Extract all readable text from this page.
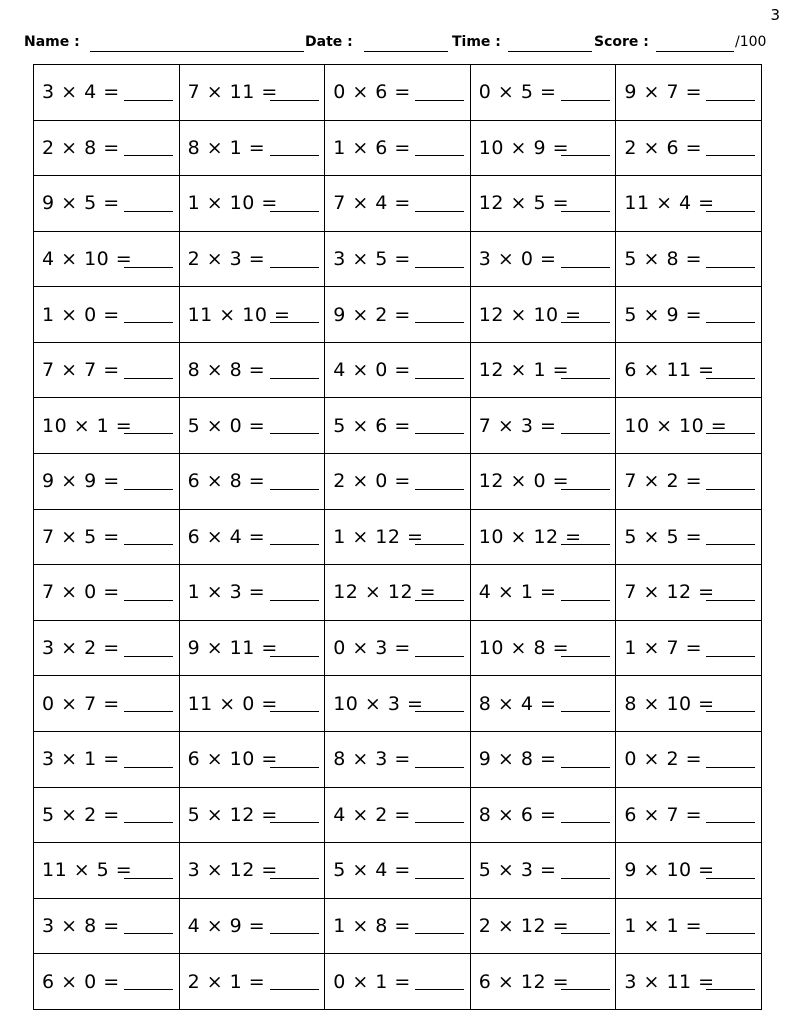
3
Name :	Date :	Time :	Score :	/100
3 × 4 =	7 × 11 =	0 × 6 =	0 × 5 =	9 × 7 =

2 × 8 =	8 × 1 =	1 × 6 =	10 × 9 =	2 × 6 =

9 × 5 =	1 × 10 =	7 × 4 =	12 × 5 =	11 × 4 =

4 × 10 =	2 × 3 =	3 × 5 =	3 × 0 =	5 × 8 =

1 × 0 =	11 × 10 =	9 × 2 =	12 × 10 =	5 × 9 =

7 × 7 =	8 × 8 =	4 × 0 =	12 × 1 =	6 × 11 =

10 × 1 =	5 × 0 =	5 × 6 =	7 × 3 =	10 × 10 =

9 × 9 =	6 × 8 =	2 × 0 =	12 × 0 =	7 × 2 =

7 × 5 =	6 × 4 =	1 × 12 =	10 × 12 =	5 × 5 =

7 × 0 =	1 × 3 =	12 × 12 =	4 × 1 =	7 × 12 =

3 × 2 =	9 × 11 =	0 × 3 =	10 × 8 =	1 × 7 =

0 × 7 =	11 × 0 =	10 × 3 =	8 × 4 =	8 × 10 =

3 × 1 =	6 × 10 =	8 × 3 =	9 × 8 =	0 × 2 =

5 × 2 =	5 × 12 =	4 × 2 =	8 × 6 =	6 × 7 =

11 × 5 =	3 × 12 =	5 × 4 =	5 × 3 =	9 × 10 =

3 × 8 =	4 × 9 =	1 × 8 =	2 × 12 =	1 × 1 =

6 × 0 =	2 × 1 =	0 × 1 =	6 × 12 =	3 × 11 =
